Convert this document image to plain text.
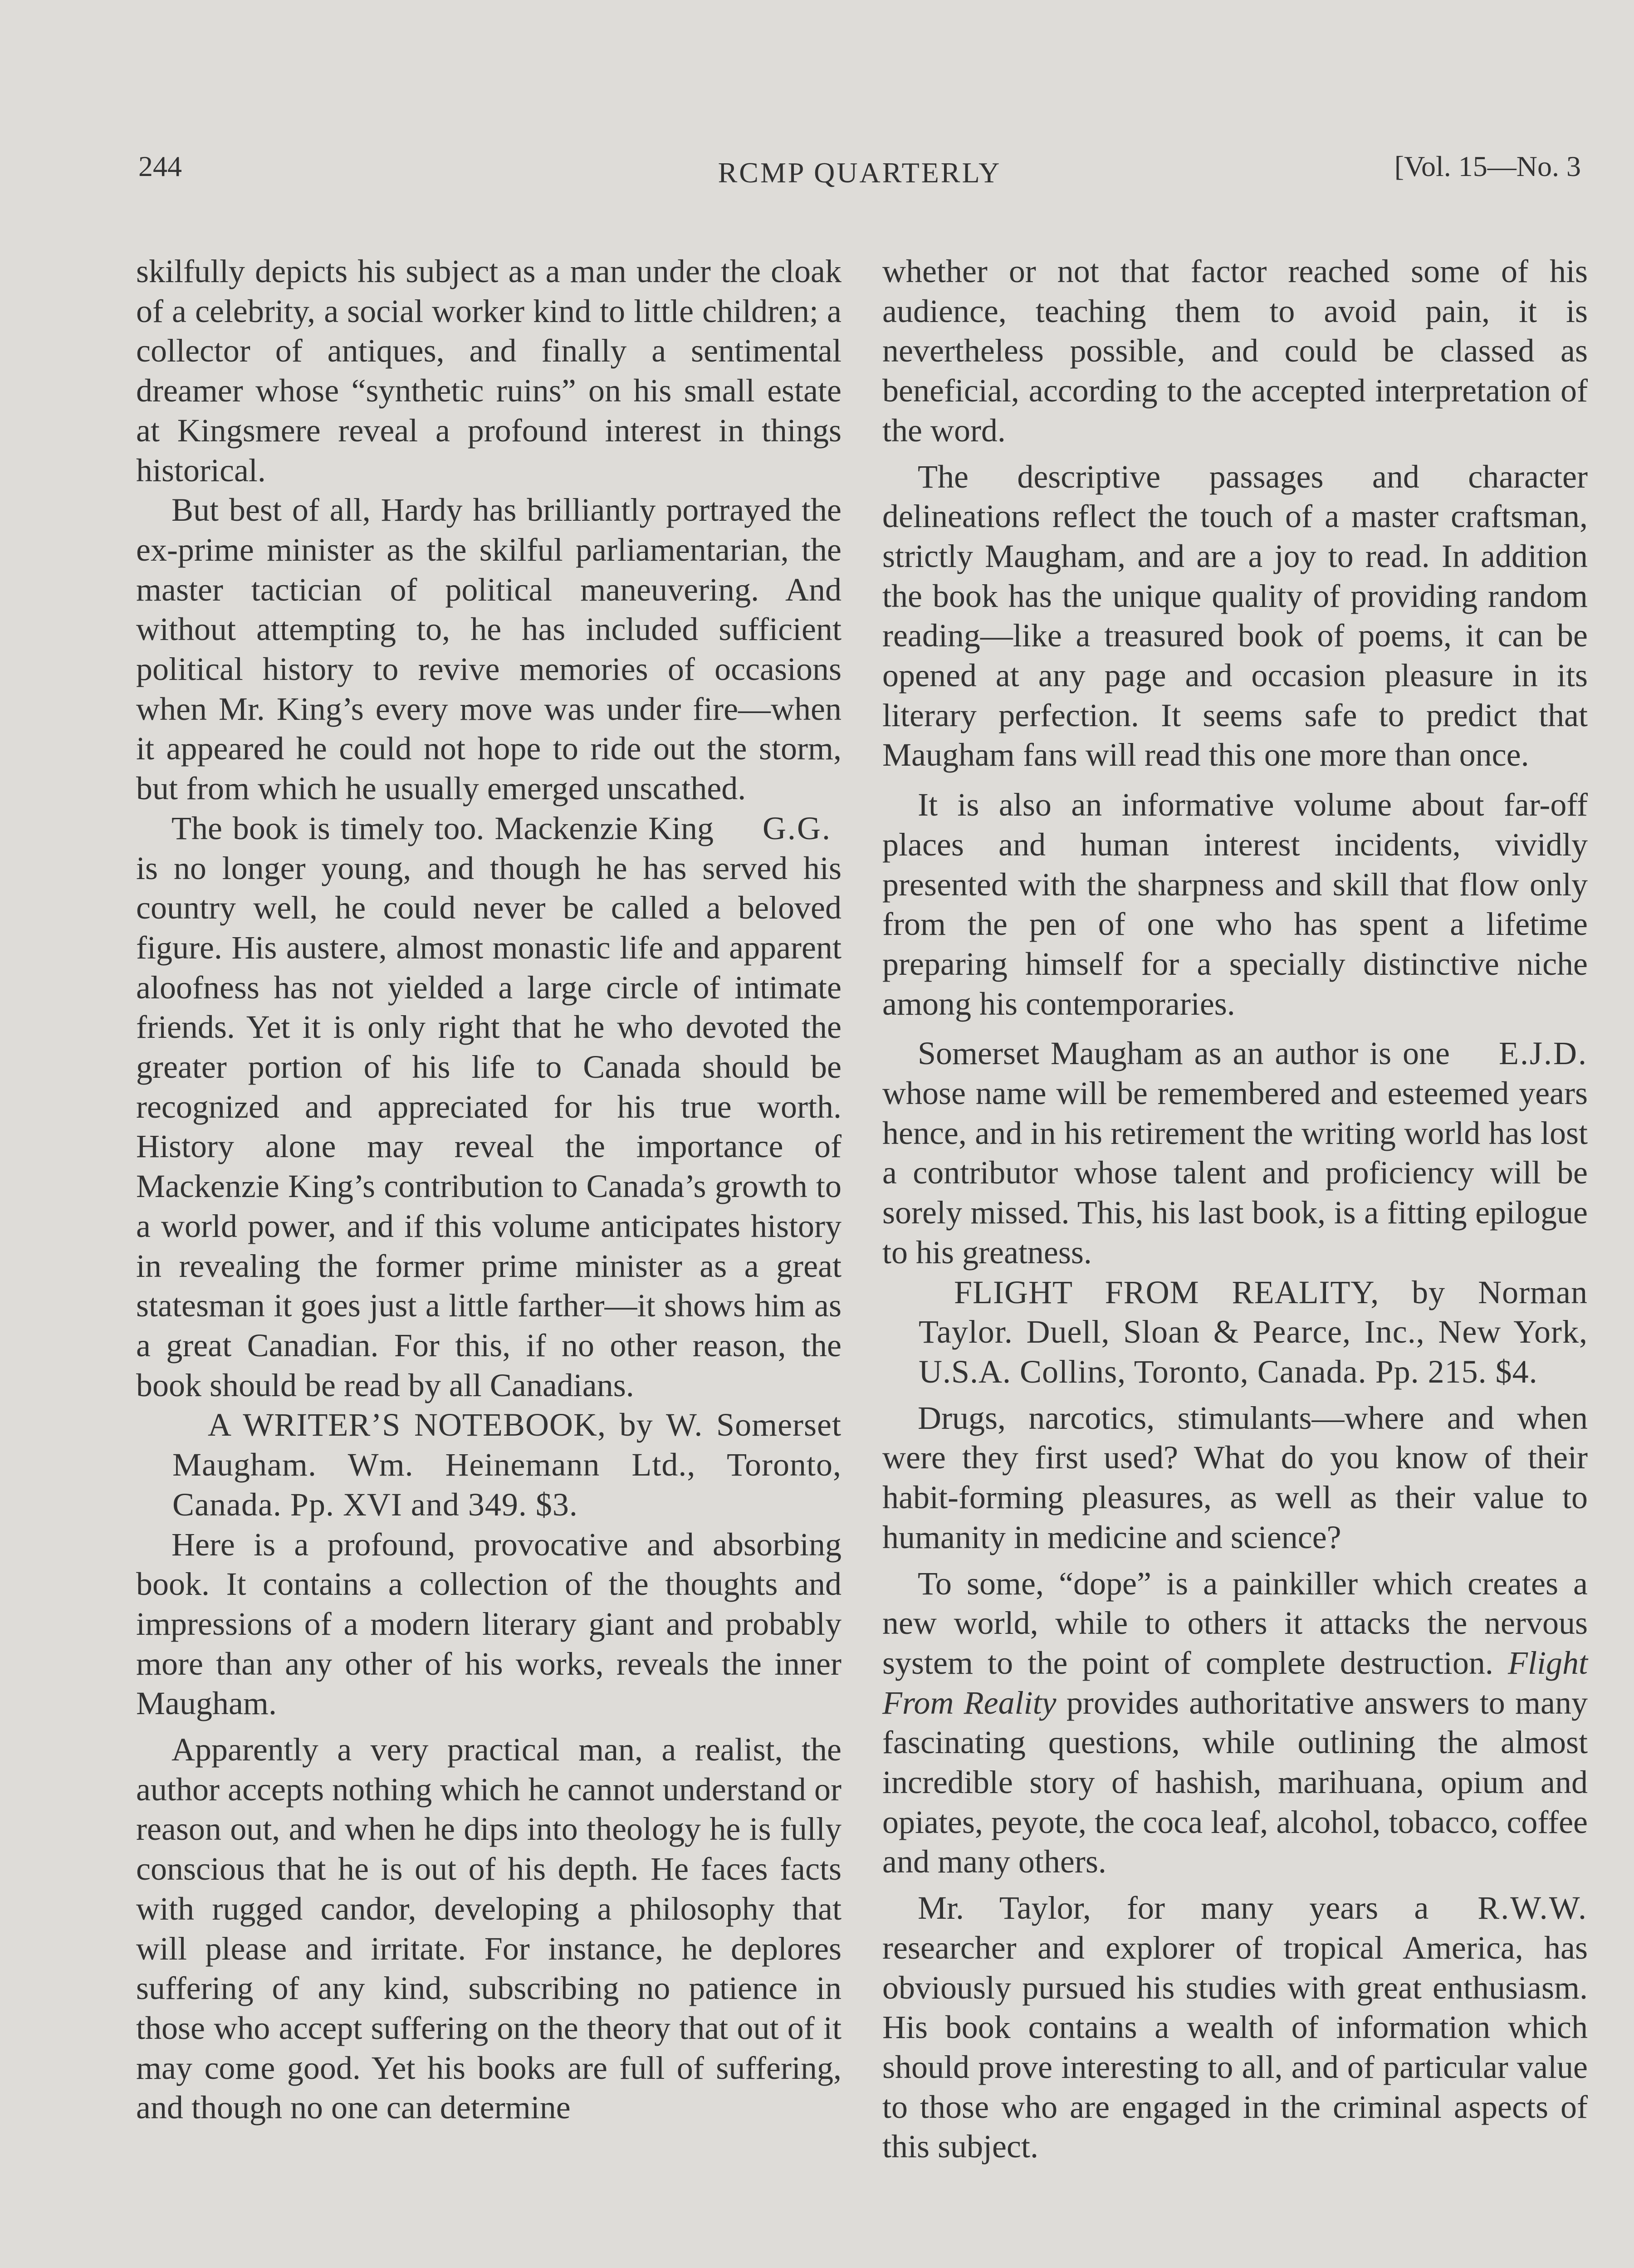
244	RCMP QUARTERLY	[Vol. 15—No. 3

skilfully depicts his subject as a man under the cloak of a celebrity, a social worker kind to little children; a collector of antiques, and finally a sentimental dreamer whose “synthetic ruins” on his small estate at Kingsmere reveal a profound interest in things historical.

But best of all, Hardy has brilliantly portrayed the ex-prime minister as the skilful parliamentarian, the master tactician of political maneuvering. And without attempting to, he has included sufficient political history to revive memories of occasions when Mr. King’s every move was under fire—when it appeared he could not hope to ride out the storm, but from which he usually emerged unscathed.

G.G.
The book is timely too. Mackenzie King is no longer young, and though he has served his country well, he could never be called a beloved figure. His austere, almost monastic life and apparent aloofness has not yielded a large circle of intimate friends. Yet it is only right that he who devoted the greater portion of his life to Canada should be recognized and appreciated for his true worth. History alone may reveal the importance of Mackenzie King’s contribution to Canada’s growth to a world power, and if this volume anticipates history in revealing the former prime minister as a great statesman it goes just a little farther—it shows him as a great Canadian. For this, if no other reason, the book should be read by all Canadians.

A WRITER’S NOTEBOOK, by W. Somerset Maugham. Wm. Heinemann Ltd., Toronto, Canada. Pp. XVI and 349. $3.

Here is a profound, provocative and absorbing book. It contains a collection of the thoughts and impressions of a modern literary giant and probably more than any other of his works, reveals the inner Maugham.

Apparently a very practical man, a realist, the author accepts nothing which he cannot understand or reason out, and when he dips into theology he is fully conscious that he is out of his depth. He faces facts with rugged candor, developing a philosophy that will please and irritate. For instance, he deplores suffering of any kind, subscribing no patience in those who accept suffering on the theory that out of it may come good. Yet his books are full of suffering, and though no one can determine

whether or not that factor reached some of his audience, teaching them to avoid pain, it is nevertheless possible, and could be classed as beneficial, according to the accepted interpretation of the word.

The descriptive passages and character delineations reflect the touch of a master craftsman, strictly Maugham, and are a joy to read. In addition the book has the unique quality of providing random reading—like a treasured book of poems, it can be opened at any page and occasion pleasure in its literary perfection. It seems safe to predict that Maugham fans will read this one more than once.

It is also an informative volume about far-off places and human interest incidents, vividly presented with the sharpness and skill that flow only from the pen of one who has spent a lifetime preparing himself for a specially distinctive niche among his contemporaries.

E.J.D.
Somerset Maugham as an author is one whose name will be remembered and esteemed years hence, and in his retirement the writing world has lost a contributor whose talent and proficiency will be sorely missed. This, his last book, is a fitting epilogue to his greatness.

FLIGHT FROM REALITY, by Norman Taylor. Duell, Sloan & Pearce, Inc., New York, U.S.A. Collins, Toronto, Canada. Pp. 215. $4.

Drugs, narcotics, stimulants—where and when were they first used? What do you know of their habit-forming pleasures, as well as their value to humanity in medicine and science?

To some, “dope” is a painkiller which creates a new world, while to others it attacks the nervous system to the point of complete destruction. Flight From Reality provides authoritative answers to many fascinating questions, while outlining the almost incredible story of hashish, marihuana, opium and opiates, peyote, the coca leaf, alcohol, tobacco, coffee and many others.

R.W.W.
Mr. Taylor, for many years a researcher and explorer of tropical America, has obviously pursued his studies with great enthusiasm. His book contains a wealth of information which should prove interesting to all, and of particular value to those who are engaged in the criminal aspects of this subject.
